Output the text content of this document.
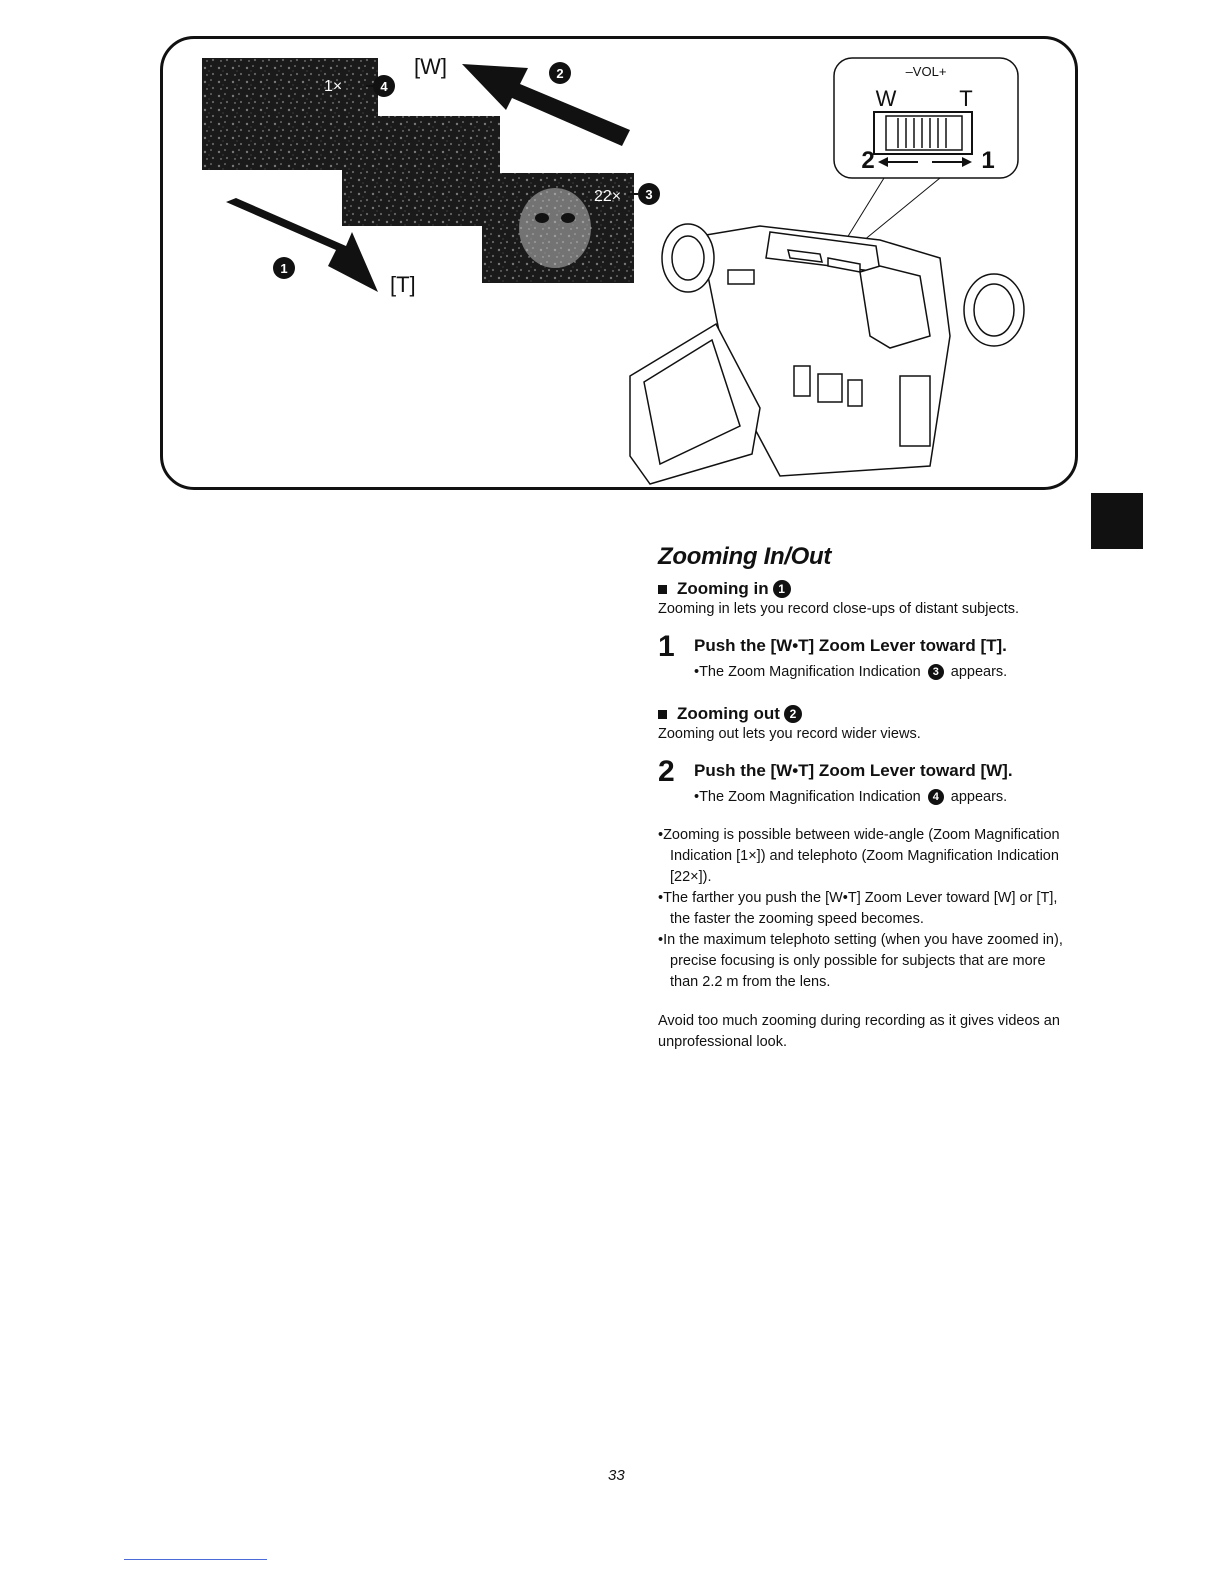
1×
22×
4
3
2
1
[W]
[T]
–VOL+
W	T
2	1
Zooming In/Out
Zooming in 1

Zooming in lets you record close-ups of distant subjects.

1	Push the [W•T] Zoom Lever toward [T].
•The Zoom Magnification Indication 3 appears.
Zooming out 2

Zooming out lets you record wider views.

2	Push the [W•T] Zoom Lever toward [W].
•The Zoom Magnification Indication 4 appears.
• Zooming is possible between wide-angle (Zoom Magnification Indication [1×]) and telephoto (Zoom Magnification Indication [22×]).
• The farther you push the [W•T] Zoom Lever toward [W] or [T], the faster the zooming speed becomes.
• In the maximum telephoto setting (when you have zoomed in), precise focusing is only possible for subjects that are more than 2.2 m from the lens.

Avoid too much zooming during recording as it gives videos an unprofessional look.

33
